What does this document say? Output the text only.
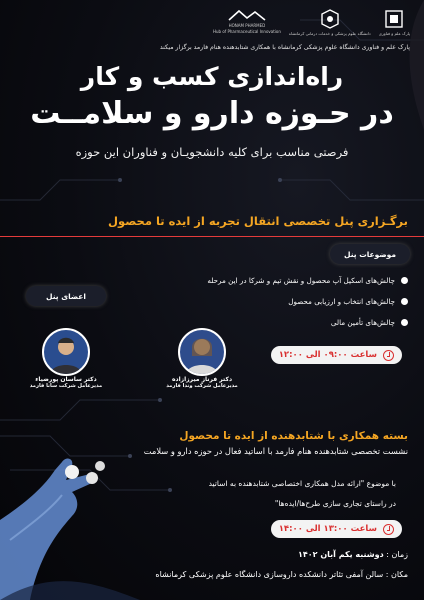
پارک علم و فناوری
دانشگاه علوم پزشکی و خدمات درمانی کرمانشاه
HONAM PHARMED
Hub of Pharmaceutical Innovation
پارک علم و فناوری دانشگاه علوم پزشکی کرمانشاه با همکاری شتابدهنده هنام فارمد برگزار میکند
راه‌اندازی کسب و کار
در حـوزه دارو و سلامــت
فرصتی مناسب برای کلیه دانشجویـان و فناوران این حوزه
برگـزاری پنل تخصصی انتقال تجربه از ایده تا محصول
موضوعات پنل
اعضای پنل
چالش‌های اسکیل آپ محصول و نقش تیم و شرکا در این مرحله
چالش‌های انتخاب و ارزیابی محصول
چالش‌های تأمین مالی
ساعت ۰۹:۰۰ الی ۱۲:۰۰
دکتر فرناز میرزازاده
مدیرعامل شرکت وندا فارمد
دکتر ساسان پورضیاء
مدیرعامل شرکت سانا فارمد
بسته همکاری با شتابدهنده از ایده تا محصول
نشست تخصصی شتابدهنده هنام فارمد با اساتید فعال در حوزه دارو و سلامت
با موضوع "ارائه مدل همکاری اختصاصی شتابدهنده به اساتید
در راستای تجاری سازی طرح‌ها/ایده‌ها"
ساعت ۱۳:۰۰ الی ۱۴:۰۰
زمان : دوشنبه یکم آبان ۱۴۰۲
مکان : سالن آمفی تئاتر دانشکده داروسازی دانشگاه علوم پزشکی کرمانشاه
